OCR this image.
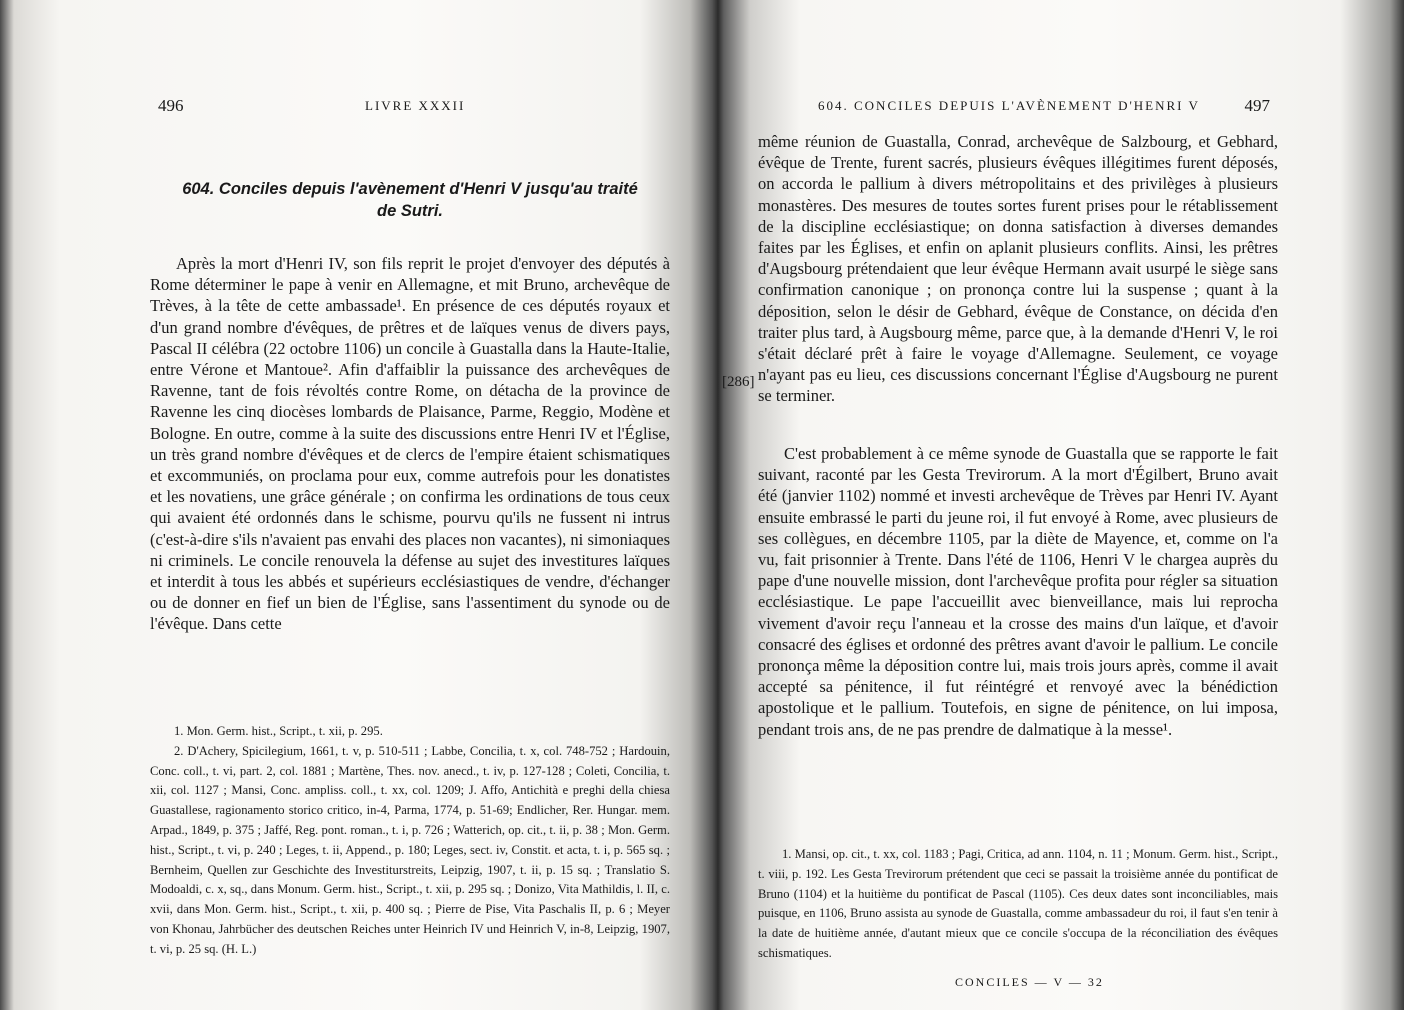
496	LIVRE XXXII
604. Conciles depuis l'avènement d'Henri V jusqu'au traité
de Sutri.

Après la mort d'Henri IV, son fils reprit le projet d'envoyer des députés à Rome déterminer le pape à venir en Allemagne, et mit Bruno, archevêque de Trèves, à la tête de cette ambassade¹. En présence de ces députés royaux et d'un grand nombre d'évêques, de prêtres et de laïques venus de divers pays, Pascal II célébra (22 octobre 1106) un concile à Guastalla dans la Haute-Italie, entre Vérone et Mantoue². Afin d'affaiblir la puissance des archevêques de Ravenne, tant de fois révoltés contre Rome, on détacha de la province de Ravenne les cinq diocèses lombards de Plaisance, Parme, Reggio, Modène et Bologne. En outre, comme à la suite des discussions entre Henri IV et l'Église, un très grand nombre d'évêques et de clercs de l'empire étaient schismatiques et excommuniés, on proclama pour eux, comme autrefois pour les donatistes et les novatiens, une grâce générale ; on confirma les ordinations de tous ceux qui avaient été ordonnés dans le schisme, pourvu qu'ils ne fussent ni intrus (c'est-à-dire s'ils n'avaient pas envahi des places non vacantes), ni simoniaques ni criminels. Le concile renouvela la défense au sujet des investitures laïques et interdit à tous les abbés et supérieurs ecclésiastiques de vendre, d'échanger ou de donner en fief un bien de l'Église, sans l'assentiment du synode ou de l'évêque. Dans cette

1. Mon. Germ. hist., Script., t. xii, p. 295.

2. D'Achery, Spicilegium, 1661, t. v, p. 510-511 ; Labbe, Concilia, t. x, col. 748-752 ; Hardouin, Conc. coll., t. vi, part. 2, col. 1881 ; Martène, Thes. nov. anecd., t. iv, p. 127-128 ; Coleti, Concilia, t. xii, col. 1127 ; Mansi, Conc. ampliss. coll., t. xx, col. 1209; J. Affo, Antichità e preghi della chiesa Guastallese, ragionamento storico critico, in-4, Parma, 1774, p. 51-69; Endlicher, Rer. Hungar. mem. Arpad., 1849, p. 375 ; Jaffé, Reg. pont. roman., t. i, p. 726 ; Watterich, op. cit., t. ii, p. 38 ; Mon. Germ. hist., Script., t. vi, p. 240 ; Leges, t. ii, Append., p. 180; Leges, sect. iv, Constit. et acta, t. i, p. 565 sq. ; Bernheim, Quellen zur Geschichte des Investiturstreits, Leipzig, 1907, t. ii, p. 15 sq. ; Translatio S. Modoaldi, c. x, sq., dans Monum. Germ. hist., Script., t. xii, p. 295 sq. ; Donizo, Vita Mathildis, l. II, c. xvii, dans Mon. Germ. hist., Script., t. xii, p. 400 sq. ; Pierre de Pise, Vita Paschalis II, p. 6 ; Meyer von Khonau, Jahrbücher des deutschen Reiches unter Heinrich IV und Heinrich V, in-8, Leipzig, 1907, t. vi, p. 25 sq. (H. L.)

[286]
604. CONCILES DEPUIS L'AVÈNEMENT D'HENRI V	497

même réunion de Guastalla, Conrad, archevêque de Salzbourg, et Gebhard, évêque de Trente, furent sacrés, plusieurs évêques illégitimes furent déposés, on accorda le pallium à divers métropolitains et des privilèges à plusieurs monastères. Des mesures de toutes sortes furent prises pour le rétablissement de la discipline ecclésiastique; on donna satisfaction à diverses demandes faites par les Églises, et enfin on aplanit plusieurs conflits. Ainsi, les prêtres d'Augsbourg prétendaient que leur évêque Hermann avait usurpé le siège sans confirmation canonique ; on prononça contre lui la suspense ; quant à la déposition, selon le désir de Gebhard, évêque de Constance, on décida d'en traiter plus tard, à Augsbourg même, parce que, à la demande d'Henri V, le roi s'était déclaré prêt à faire le voyage d'Allemagne. Seulement, ce voyage n'ayant pas eu lieu, ces discussions concernant l'Église d'Augsbourg ne purent se terminer.

C'est probablement à ce même synode de Guastalla que se rapporte le fait suivant, raconté par les Gesta Trevirorum. A la mort d'Égilbert, Bruno avait été (janvier 1102) nommé et investi archevêque de Trèves par Henri IV. Ayant ensuite embrassé le parti du jeune roi, il fut envoyé à Rome, avec plusieurs de ses collègues, en décembre 1105, par la diète de Mayence, et, comme on l'a vu, fait prisonnier à Trente. Dans l'été de 1106, Henri V le chargea auprès du pape d'une nouvelle mission, dont l'archevêque profita pour régler sa situation ecclésiastique. Le pape l'accueillit avec bienveillance, mais lui reprocha vivement d'avoir reçu l'anneau et la crosse des mains d'un laïque, et d'avoir consacré des églises et ordonné des prêtres avant d'avoir le pallium. Le concile prononça même la déposition contre lui, mais trois jours après, comme il avait accepté sa pénitence, il fut réintégré et renvoyé avec la bénédiction apostolique et le pallium. Toutefois, en signe de pénitence, on lui imposa, pendant trois ans, de ne pas prendre de dalmatique à la messe¹.

1. Mansi, op. cit., t. xx, col. 1183 ; Pagi, Critica, ad ann. 1104, n. 11 ; Monum. Germ. hist., Script., t. viii, p. 192. Les Gesta Trevirorum prétendent que ceci se passait la troisième année du pontificat de Bruno (1104) et la huitième du pontificat de Pascal (1105). Ces deux dates sont inconciliables, mais puisque, en 1106, Bruno assista au synode de Guastalla, comme ambassadeur du roi, il faut s'en tenir à la date de huitième année, d'autant mieux que ce concile s'occupa de la réconciliation des évêques schismatiques.

CONCILES — V — 32
